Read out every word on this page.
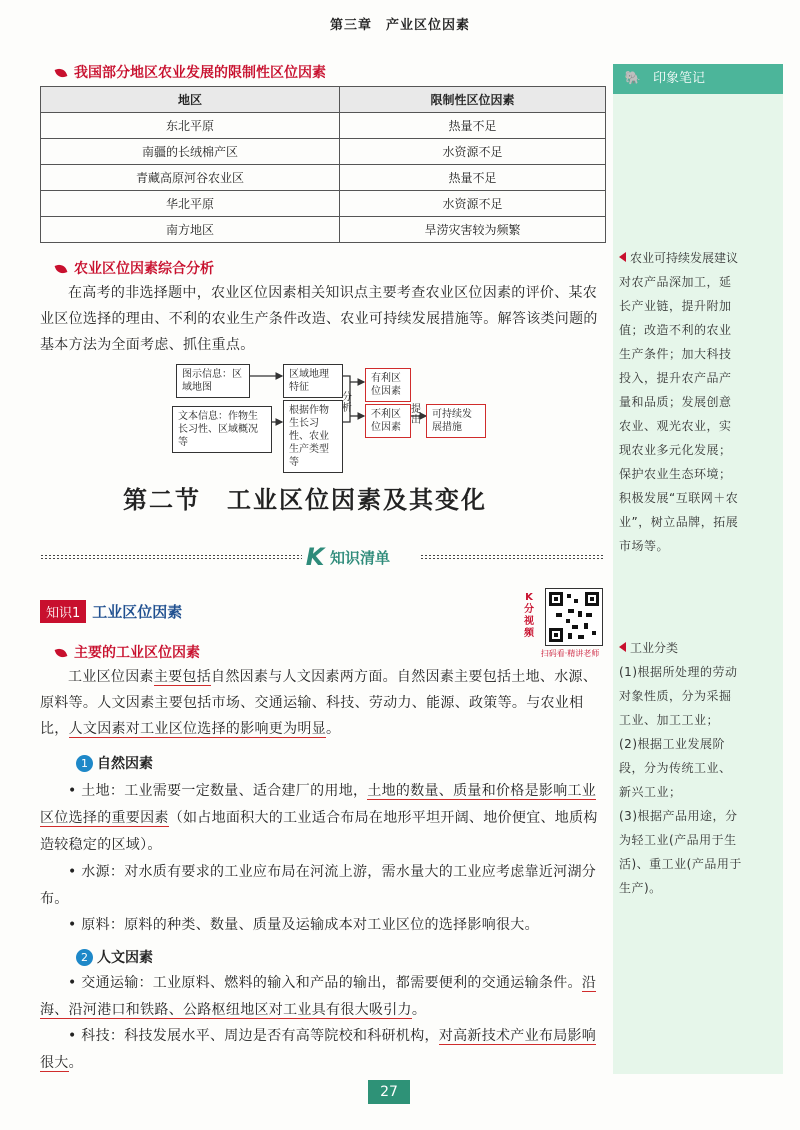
第三章　产业区位因素
我国部分地区农业发展的限制性区位因素
地区	限制性区位因素
东北平原	热量不足
南疆的长绒棉产区	水资源不足
青藏高原河谷农业区	热量不足
华北平原	水资源不足
南方地区	旱涝灾害较为频繁
农业区位因素综合分析
在高考的非选择题中，农业区位因素相关知识点主要考查农业区位因素的评价、某农业区位选择的理由、不利的农业生产条件改造、农业可持续发展措施等。解答该类问题的基本方法为全面考虑、抓住重点。
图示信息：区域地图
文本信息：作物生长习性、区域概况等
区域地理特征
根据作物生长习性、农业生产类型等
分析
有利区位因素
不利区位因素
提出
可持续发展措施
第二节　工业区位因素及其变化
K 知识清单
知识1 工业区位因素
K分视频
扫码看·精讲老师
主要的工业区位因素
工业区位因素主要包括自然因素与人文因素两方面。自然因素主要包括土地、水源、原料等。人文因素主要包括市场、交通运输、科技、劳动力、能源、政策等。与农业相比，人文因素对工业区位选择的影响更为明显。
1 自然因素
• 土地：工业需要一定数量、适合建厂的用地，土地的数量、质量和价格是影响工业区位选择的重要因素（如占地面积大的工业适合布局在地形平坦开阔、地价便宜、地质构造较稳定的区域）。
• 水源：对水质有要求的工业应布局在河流上游，需水量大的工业应考虑靠近河湖分布。
• 原料：原料的种类、数量、质量及运输成本对工业区位的选择影响很大。
2 人文因素
• 交通运输：工业原料、燃料的输入和产品的输出，都需要便利的交通运输条件。沿海、沿河港口和铁路、公路枢纽地区对工业具有很大吸引力。
• 科技：科技发展水平、周边是否有高等院校和科研机构，对高新技术产业布局影响很大。
🐘 印象笔记
农业可持续发展建议
对农产品深加工，延长产业链，提升附加值；改造不利的农业生产条件；加大科技投入，提升农产品产量和品质；发展创意农业、观光农业，实现农业多元化发展；保护农业生态环境；积极发展“互联网＋农业”，树立品牌，拓展市场等。
工业分类
(1)根据所处理的劳动对象性质，分为采掘工业、加工工业；
(2)根据工业发展阶段，分为传统工业、新兴工业；
(3)根据产品用途，分为轻工业(产品用于生活)、重工业(产品用于生产)。
27
